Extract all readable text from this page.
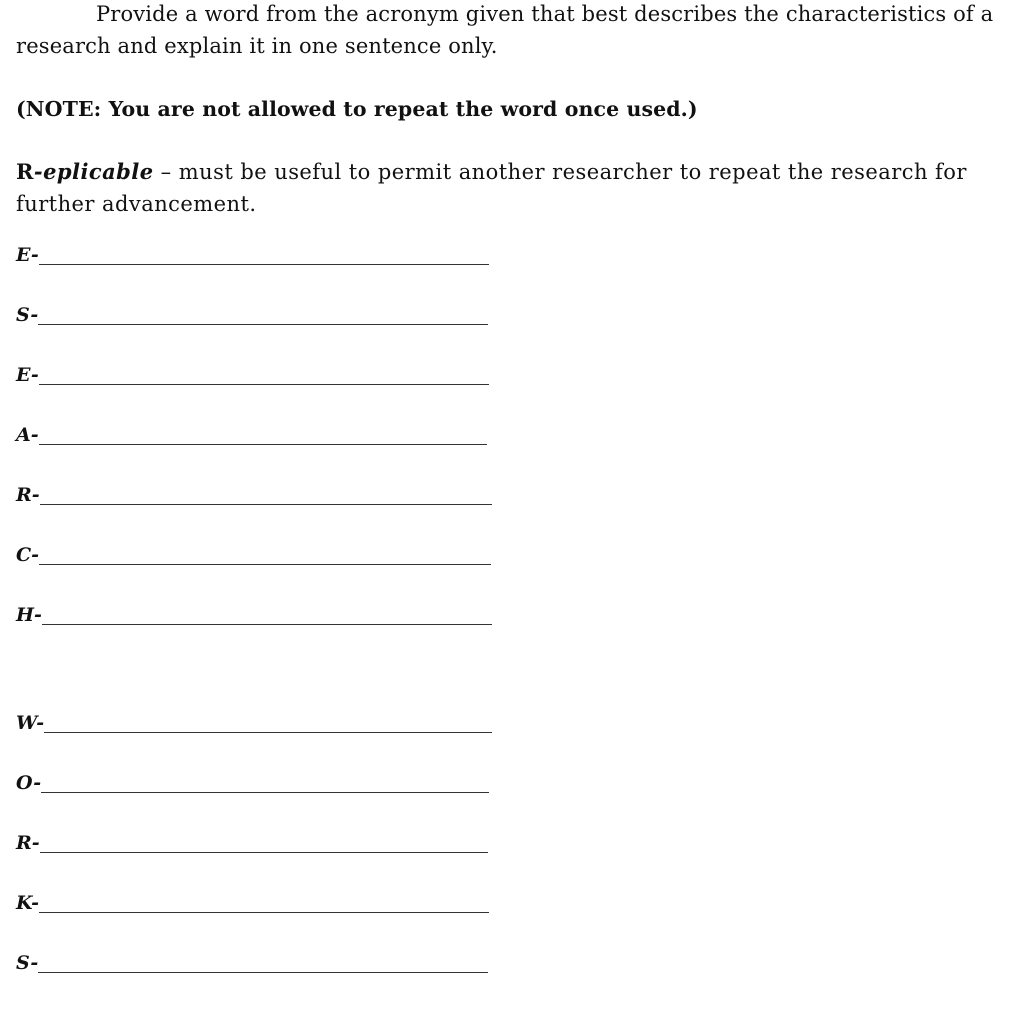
Provide a word from the acronym given that best describes the characteristics of a research and explain it in one sentence only.

(NOTE: You are not allowed to repeat the word once used.)

R-eplicable – must be useful to permit another researcher to repeat the research for further advancement.

E-
S-
E-
A-
R-
C-
H-
W-
O-
R-
K-
S-
